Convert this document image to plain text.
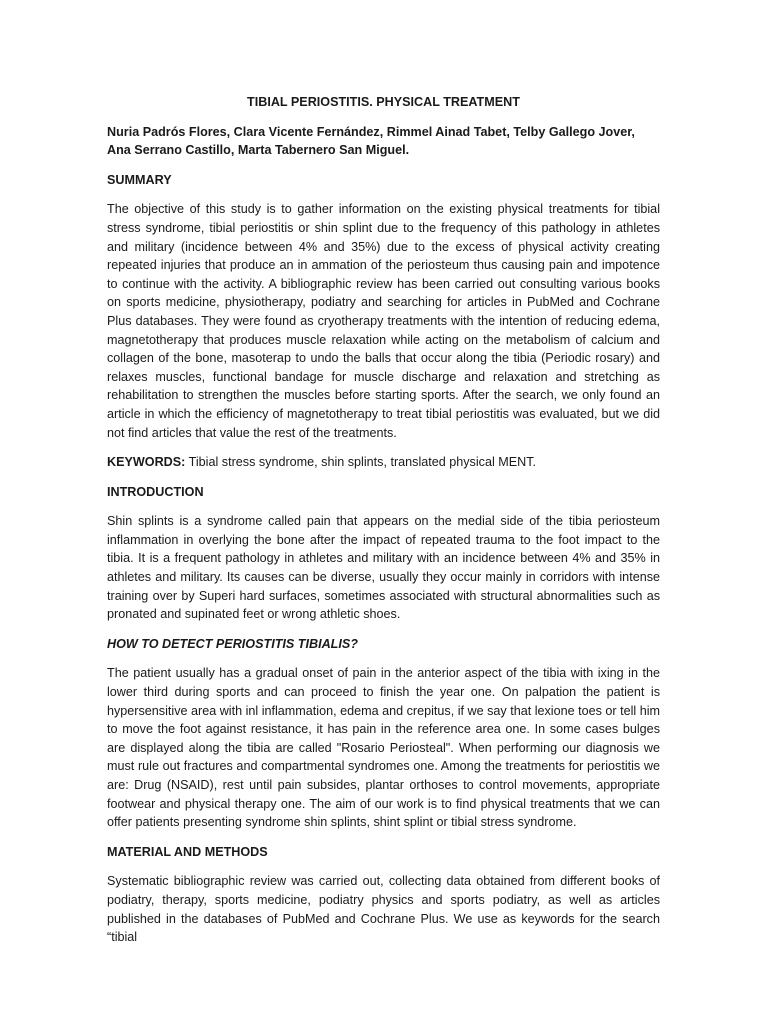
TIBIAL PERIOSTITIS. PHYSICAL TREATMENT
Nuria Padrós Flores, Clara Vicente Fernández, Rimmel Ainad Tabet, Telby Gallego Jover, Ana Serrano Castillo, Marta Tabernero San Miguel.
SUMMARY

The objective of this study is to gather information on the existing physical treatments for tibial stress syndrome, tibial periostitis or shin splint due to the frequency of this pathology in athletes and military (incidence between 4% and 35%) due to the excess of physical activity creating repeated injuries that produce an in ammation of the periosteum thus causing pain and impotence to continue with the activity. A bibliographic review has been carried out consulting various books on sports medicine, physiotherapy, podiatry and searching for articles in PubMed and Cochrane Plus databases. They were found as cryotherapy treatments with the intention of reducing edema, magnetotherapy that produces muscle relaxation while acting on the metabolism of calcium and collagen of the bone, masoterap to undo the balls that occur along the tibia (Periodic rosary) and relaxes muscles, functional bandage for muscle discharge and relaxation and stretching as rehabilitation to strengthen the muscles before starting sports. After the search, we only found an article in which the efficiency of magnetotherapy to treat tibial periostitis was evaluated, but we did not find articles that value the rest of the treatments.

KEYWORDS: Tibial stress syndrome, shin splints, translated physical MENT.
INTRODUCTION

Shin splints is a syndrome called pain that appears on the medial side of the tibia periosteum inflammation in overlying the bone after the impact of repeated trauma to the foot impact to the tibia. It is a frequent pathology in athletes and military with an incidence between 4% and 35% in athletes and military. Its causes can be diverse, usually they occur mainly in corridors with intense training over by Superi hard surfaces, sometimes associated with structural abnormalities such as pronated and supinated feet or wrong athletic shoes.

HOW TO DETECT PERIOSTITIS TIBIALIS?

The patient usually has a gradual onset of pain in the anterior aspect of the tibia with ixing in the lower third during sports and can proceed to finish the year one. On palpation the patient is hypersensitive area with inl inflammation, edema and crepitus, if we say that lexione toes or tell him to move the foot against resistance, it has pain in the reference area one. In some cases bulges are displayed along the tibia are called "Rosario Periosteal". When performing our diagnosis we must rule out fractures and compartmental syndromes one. Among the treatments for periostitis we are: Drug (NSAID), rest until pain subsides, plantar orthoses to control movements, appropriate footwear and physical therapy one. The aim of our work is to find physical treatments that we can offer patients presenting syndrome shin splints, shint splint or tibial stress syndrome.

MATERIAL AND METHODS

Systematic bibliographic review was carried out, collecting data obtained from different books of podiatry, therapy, sports medicine, podiatry physics and sports podiatry, as well as articles published in the databases of PubMed and Cochrane Plus. We use as keywords for the search “tibial
